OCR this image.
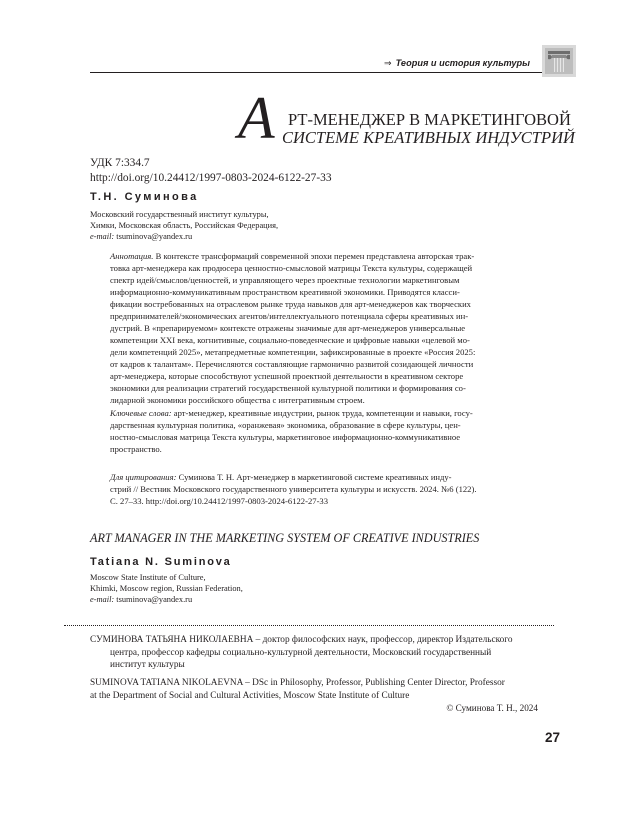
⇒ Теория и история культуры
А РТ-МЕНЕДЖЕР В МАРКЕТИНГОВОЙ
СИСТЕМЕ КРЕАТИВНЫХ ИНДУСТРИЙ
УДК 7:334.7
http://doi.org/10.24412/1997-0803-2024-6122-27-33
Т.Н. Суминова
Московский государственный институт культуры,
Химки, Московская область, Российская Федерация,
e-mail: tsuminova@yandex.ru
Аннотация. В контексте трансформаций современной эпохи перемен представлена авторская трак-
товка арт-менеджера как продюсера ценностно-смысловой матрицы Текста культуры, содержащей
спектр идей/смыслов/ценностей, и управляющего через проектные технологии маркетинговым
информационно-коммуникативным пространством креативной экономики. Приводятся класси-
фикации востребованных на отраслевом рынке труда навыков для арт-менеджеров как творческих
предпринимателей/экономических агентов/интеллектуального потенциала сферы креативных ин-
дустрий. В «препарируемом» контексте отражены значимые для арт-менеджеров универсальные
компетенции XXI века, когнитивные, социально-поведенческие и цифровые навыки «целевой мо-
дели компетенций 2025», метапредметные компетенции, зафиксированные в проекте «Россия 2025:
от кадров к талантам». Перечисляются составляющие гармонично развитой созидающей личности
арт-менеджера, которые способствуют успешной проектной деятельности в креативном секторе
экономики для реализации стратегий государственной культурной политики и формирования со-
лидарной экономики российского общества с интегративным строем.
Ключевые слова: арт-менеджер, креативные индустрии, рынок труда, компетенции и навыки, госу-
дарственная культурная политика, «оранжевая» экономика, образование в сфере культуры, цен-
ностно-смысловая матрица Текста культуры, маркетинговое информационно-коммуникативное
пространство.
Для цитирования: Суминова Т. Н. Арт-менеджер в маркетинговой системе креативных инду-
стрий // Вестник Московского государственного университета культуры и искусств. 2024. №6 (122).
С. 27–33. http://doi.org/10.24412/1997-0803-2024-6122-27-33
ART MANAGER IN THE MARKETING SYSTEM OF CREATIVE INDUSTRIES
Tatiana N. Suminova
Moscow State Institute of Culture,
Khimki, Moscow region, Russian Federation,
e-mail: tsuminova@yandex.ru
СУМИНОВА ТАТЬЯНА НИКОЛАЕВНА – доктор философских наук, профессор, директор Издательского
центра, профессор кафедры социально-культурной деятельности, Московский государственный
институт культуры
SUMINOVA TATIANA NIKOLAEVNA – DSc in Philosophy, Professor, Publishing Center Director, Professor
at the Department of Social and Cultural Activities, Moscow State Institute of Culture
© Суминова Т. Н., 2024
27
